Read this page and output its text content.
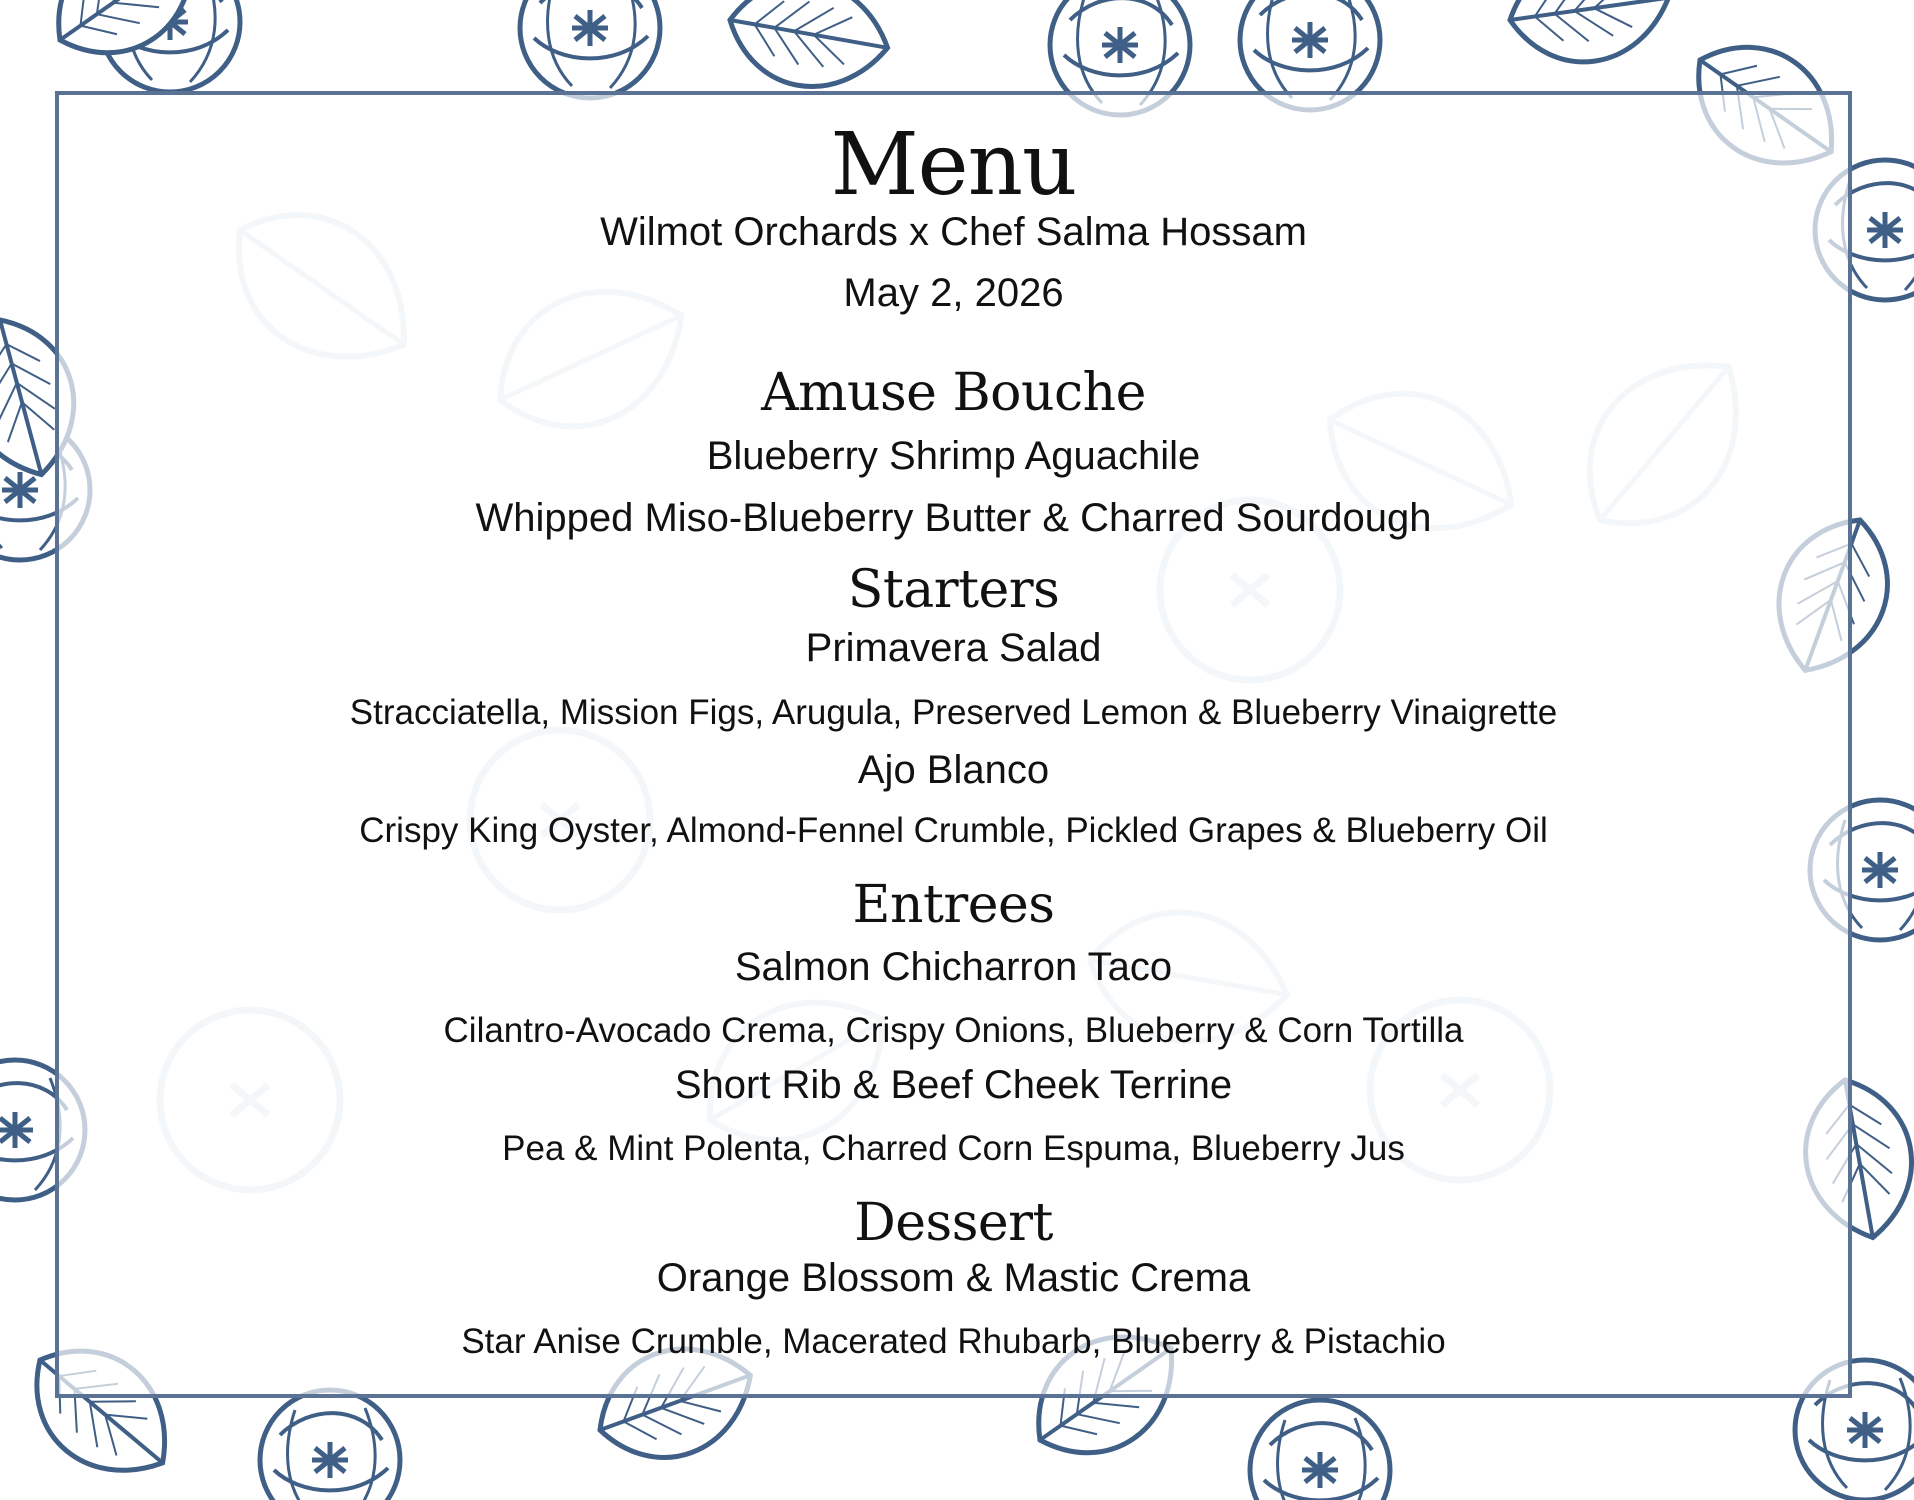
Menu
Wilmot Orchards x Chef Salma Hossam
May 2, 2026
Amuse Bouche
Blueberry Shrimp Aguachile
Whipped Miso-Blueberry Butter & Charred Sourdough
Starters
Primavera Salad
Stracciatella, Mission Figs, Arugula, Preserved Lemon & Blueberry Vinaigrette
Ajo Blanco
Crispy King Oyster, Almond-Fennel Crumble, Pickled Grapes & Blueberry Oil
Entrees
Salmon Chicharron Taco
Cilantro-Avocado Crema, Crispy Onions, Blueberry & Corn Tortilla
Short Rib & Beef Cheek Terrine
Pea & Mint Polenta, Charred Corn Espuma, Blueberry Jus
Dessert
Orange Blossom & Mastic Crema
Star Anise Crumble, Macerated Rhubarb, Blueberry & Pistachio
